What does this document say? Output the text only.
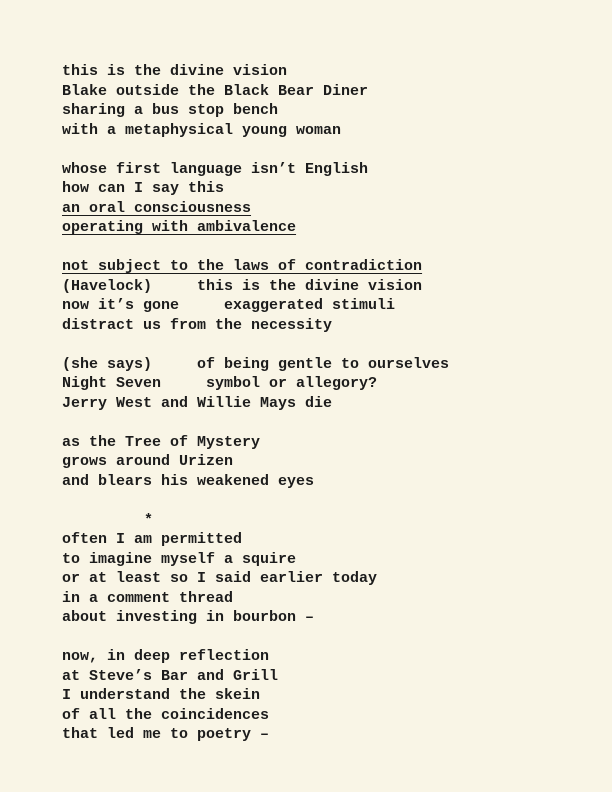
this is the divine vision
Blake outside the Black Bear Diner
sharing a bus stop bench
with a metaphysical young woman
whose first language isn’t English
how can I say this
an oral consciousness
operating with ambivalence
not subject to the laws of contradiction
(Havelock)     this is the divine vision
now it’s gone     exaggerated stimuli
distract us from the necessity
(she says)     of being gentle to ourselves
Night Seven     symbol or allegory?
Jerry West and Willie Mays die
as the Tree of Mystery
grows around Urizen
and blears his weakened eyes
*
often I am permitted
to imagine myself a squire
or at least so I said earlier today
in a comment thread
about investing in bourbon –
now, in deep reflection
at Steve’s Bar and Grill
I understand the skein
of all the coincidences
that led me to poetry –
